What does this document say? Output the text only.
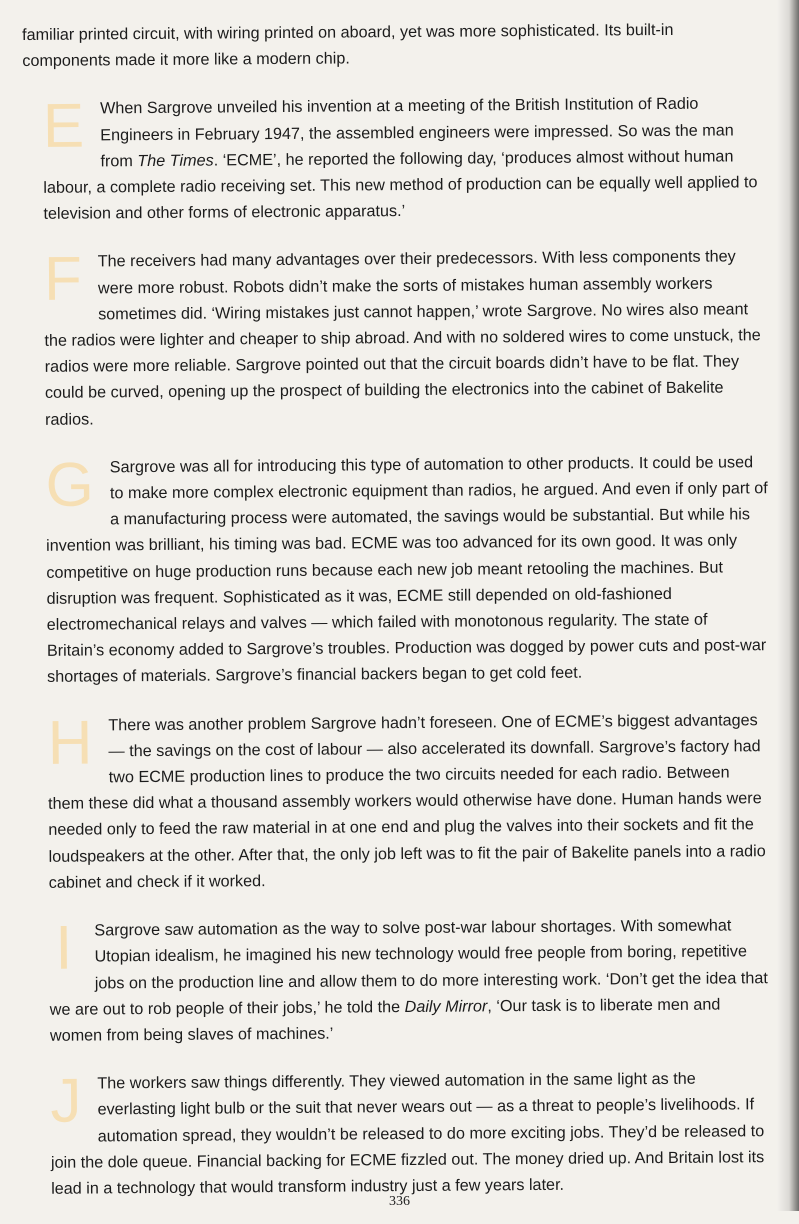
familiar printed circuit, with wiring printed on aboard, yet was more sophisticated. Its built-in components made it more like a modern chip.

E When Sargrove unveiled his invention at a meeting of the British Institution of Radio Engineers in February 1947, the assembled engineers were impressed. So was the man from The Times. ‘ECME’, he reported the following day, ‘produces almost without human labour, a complete radio receiving set. This new method of production can be equally well applied to television and other forms of electronic apparatus.’

F The receivers had many advantages over their predecessors. With less components they were more robust. Robots didn’t make the sorts of mistakes human assembly workers sometimes did. ‘Wiring mistakes just cannot happen,’ wrote Sargrove. No wires also meant the radios were lighter and cheaper to ship abroad. And with no soldered wires to come unstuck, the radios were more reliable. Sargrove pointed out that the circuit boards didn’t have to be flat. They could be curved, opening up the prospect of building the electronics into the cabinet of Bakelite radios.

G Sargrove was all for introducing this type of automation to other products. It could be used to make more complex electronic equipment than radios, he argued. And even if only part of a manufacturing process were automated, the savings would be substantial. But while his invention was brilliant, his timing was bad. ECME was too advanced for its own good. It was only competitive on huge production runs because each new job meant retooling the machines. But disruption was frequent. Sophisticated as it was, ECME still depended on old-fashioned electromechanical relays and valves — which failed with monotonous regularity. The state of Britain’s economy added to Sargrove’s troubles. Production was dogged by power cuts and post-war shortages of materials. Sargrove’s financial backers began to get cold feet.

H There was another problem Sargrove hadn’t foreseen. One of ECME’s biggest advantages — the savings on the cost of labour — also accelerated its downfall. Sargrove’s factory had two ECME production lines to produce the two circuits needed for each radio. Between them these did what a thousand assembly workers would otherwise have done. Human hands were needed only to feed the raw material in at one end and plug the valves into their sockets and fit the loudspeakers at the other. After that, the only job left was to fit the pair of Bakelite panels into a radio cabinet and check if it worked.

I Sargrove saw automation as the way to solve post-war labour shortages. With somewhat Utopian idealism, he imagined his new technology would free people from boring, repetitive jobs on the production line and allow them to do more interesting work. ‘Don’t get the idea that we are out to rob people of their jobs,’ he told the Daily Mirror, ‘Our task is to liberate men and women from being slaves of machines.’

J The workers saw things differently. They viewed automation in the same light as the everlasting light bulb or the suit that never wears out — as a threat to people’s livelihoods. If automation spread, they wouldn’t be released to do more exciting jobs. They’d be released to join the dole queue. Financial backing for ECME fizzled out. The money dried up. And Britain lost its lead in a technology that would transform industry just a few years later.

336
